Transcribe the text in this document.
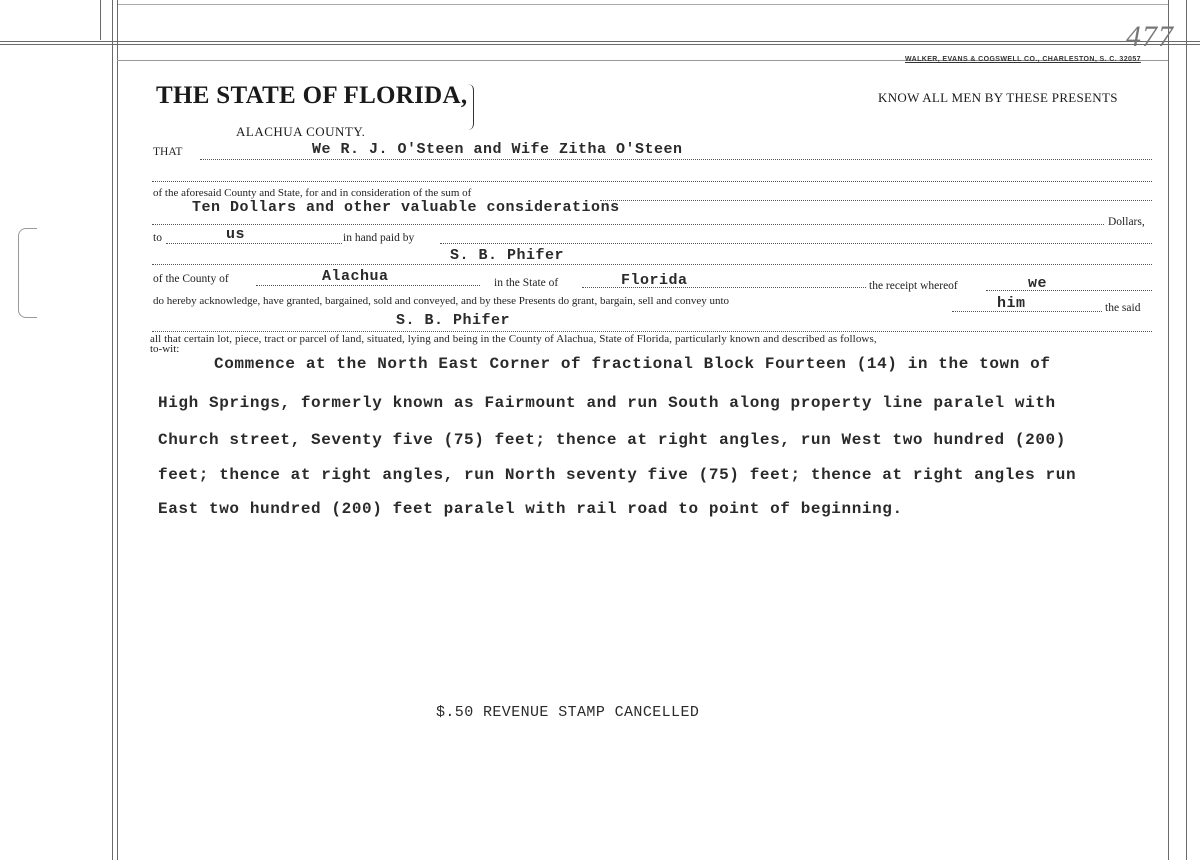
477
WALKER, EVANS & COGSWELL CO., CHARLESTON, S. C. 32057
THE STATE OF FLORIDA,
ALACHUA COUNTY.
KNOW ALL MEN BY THESE PRESENTS
THAT	We R. J. O'Steen and Wife Zitha O'Steen
of the aforesaid County and State, for and in consideration of the sum of
Ten Dollars and other valuable considerations
Dollars,
to	us	in hand paid by
S. B. Phifer
of the County of	Alachua	in the State of	Florida	the receipt whereof	we
do hereby acknowledge, have granted, bargained, sold and conveyed, and by these Presents do grant, bargain, sell and convey unto	him	the said
S. B. Phifer
all that certain lot, piece, tract or parcel of land, situated, lying and being in the County of Alachua, State of Florida, particularly known and described as follows,
to-wit:
Commence at the North East Corner of fractional Block Fourteen (14) in the town of
High Springs, formerly known as Fairmount and run South along property line paralel with
Church street, Seventy five (75) feet; thence at right angles, run West two hundred (200)
feet; thence at right angles, run North seventy five (75) feet; thence at right angles run
East two hundred (200) feet paralel with rail road to point of beginning.
$.50 REVENUE STAMP CANCELLED
